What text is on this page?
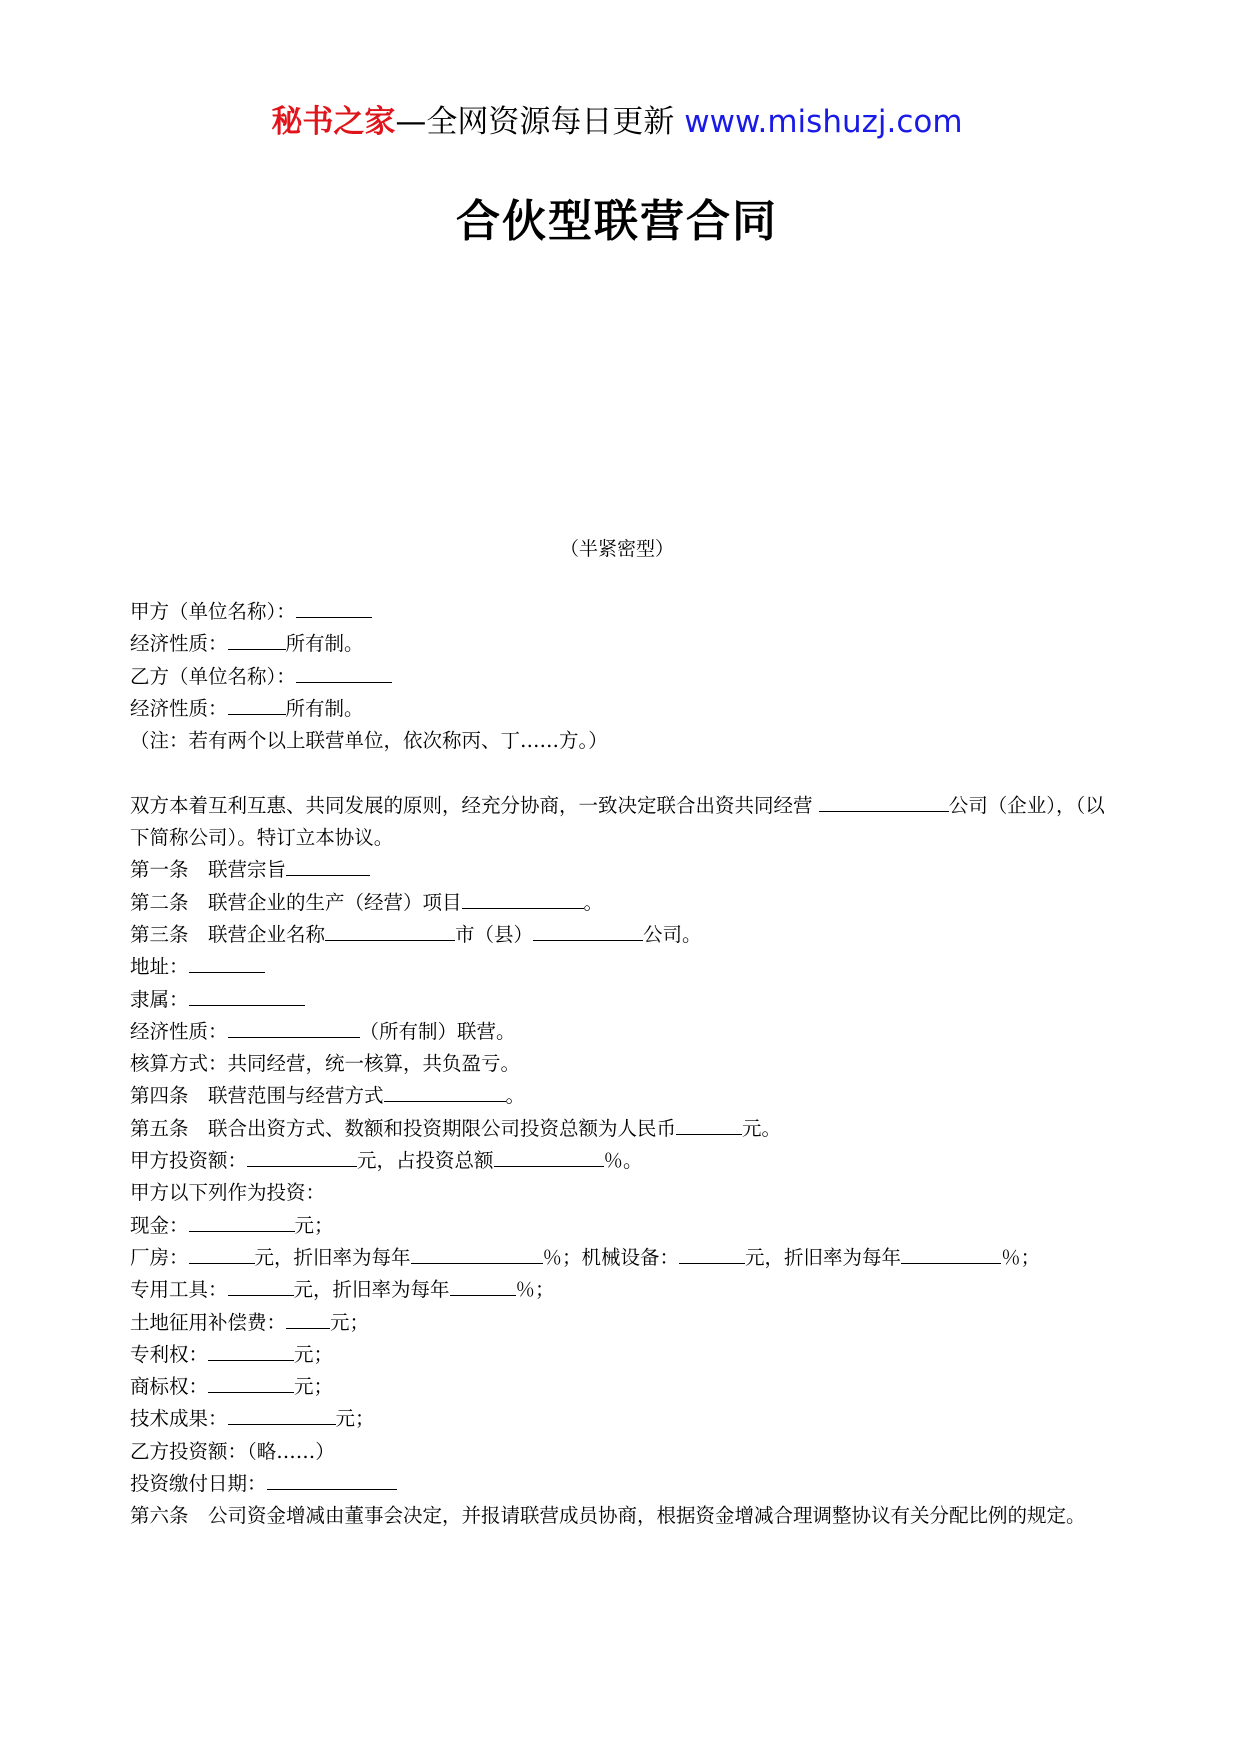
秘书之家—全网资源每日更新 www.mishuzj.com
合伙型联营合同
（半紧密型）
甲方（单位名称）：
经济性质：	所有制。
乙方（单位名称）：
经济性质：	所有制。
（注：若有两个以上联营单位，依次称丙、丁……方。）
双方本着互利互惠、共同发展的原则，经充分协商，一致决定联合出资共同经营	公司（企业），（以下简称公司）。特订立本协议。
第一条　联营宗旨
第二条　联营企业的生产（经营）项目	。
第三条　联营企业名称	市（县）	公司。
地址：
隶属：
经济性质：	（所有制）联营。
核算方式：共同经营，统一核算，共负盈亏。
第四条　联营范围与经营方式	。
第五条　联合出资方式、数额和投资期限公司投资总额为人民币	元。
甲方投资额：	元，占投资总额	％。
甲方以下列作为投资：
现金：	元；
厂房：	元，折旧率为每年	％；机械设备：	元，折旧率为每年	％；
专用工具：	元，折旧率为每年	％；
土地征用补偿费： 元；
专利权：	元；
商标权：	元；
技术成果：	元；
乙方投资额：（略……）
投资缴付日期：
第六条　公司资金增减由董事会决定，并报请联营成员协商，根据资金增减合理调整协议有关分配比例的规定。
